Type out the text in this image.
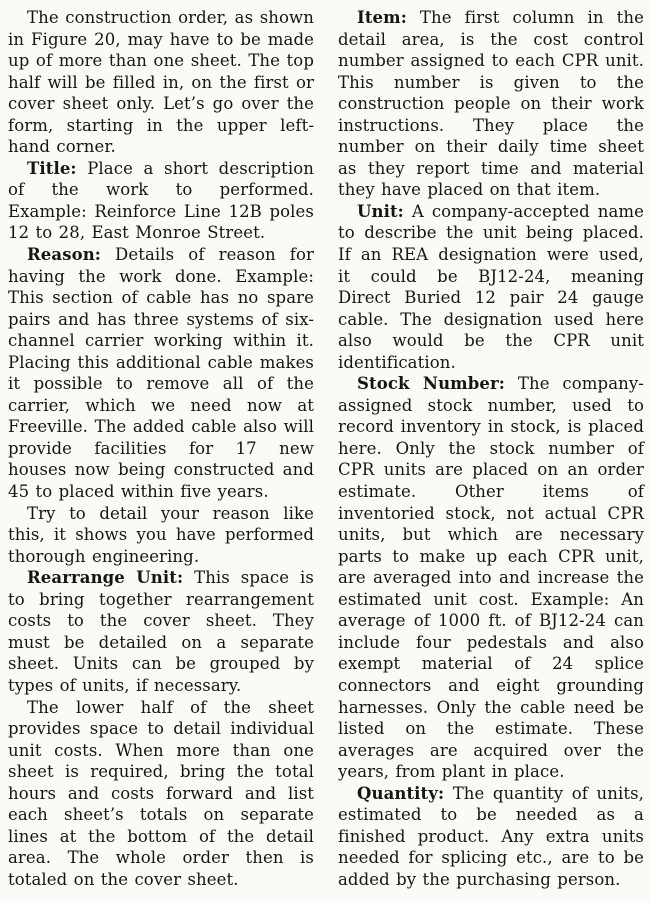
The construction order, as shown in Figure 20, may have to be made up of more than one sheet. The top half will be filled in, on the first or cover sheet only. Let’s go over the form, starting in the upper left-hand corner.

Title: Place a short description of the work to performed. Example: Reinforce Line 12B poles 12 to 28, East Monroe Street.

Reason: Details of reason for having the work done. Example: This section of cable has no spare pairs and has three systems of six-channel carrier working within it. Placing this additional cable makes it possible to remove all of the carrier, which we need now at Freeville. The added cable also will provide facilities for 17 new houses now being constructed and 45 to placed within five years.

Try to detail your reason like this, it shows you have performed thorough engineering.

Rearrange Unit: This space is to bring together rearrangement costs to the cover sheet. They must be detailed on a separate sheet. Units can be grouped by types of units, if necessary.

The lower half of the sheet provides space to detail individual unit costs. When more than one sheet is required, bring the total hours and costs forward and list each sheet’s totals on separate lines at the bottom of the detail area. The whole order then is totaled on the cover sheet.

Item: The first column in the detail area, is the cost control number assigned to each CPR unit. This number is given to the construction people on their work instructions. They place the number on their daily time sheet as they report time and material they have placed on that item.

Unit: A company-accepted name to describe the unit being placed. If an REA designation were used, it could be BJ12-24, meaning Direct Buried 12 pair 24 gauge cable. The designation used here also would be the CPR unit identification.

Stock Number: The company-assigned stock number, used to record inventory in stock, is placed here. Only the stock number of CPR units are placed on an order estimate. Other items of inventoried stock, not actual CPR units, but which are necessary parts to make up each CPR unit, are averaged into and increase the estimated unit cost. Example: An average of 1000 ft. of BJ12-24 can include four pedestals and also exempt material of 24 splice connectors and eight grounding harnesses. Only the cable need be listed on the estimate. These averages are acquired over the years, from plant in place.

Quantity: The quantity of units, estimated to be needed as a finished product. Any extra units needed for splicing etc., are to be added by the purchasing person.
